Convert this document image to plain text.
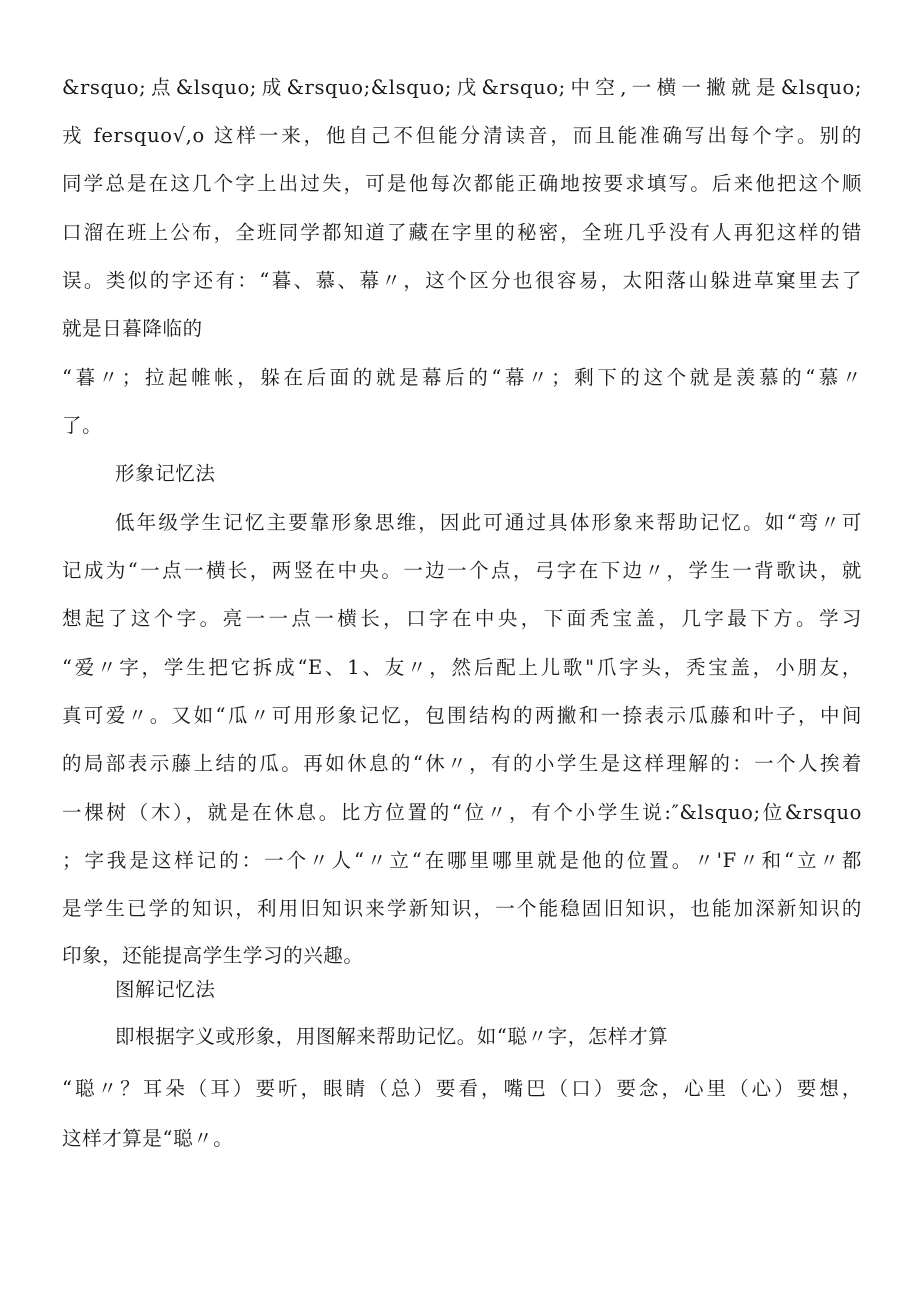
&rsquo;点&lsquo;成&rsquo;&lsquo;戊&rsquo;中空,一横一撇就是&lsquo;
戎 fersquo√,o 这样一来，他自己不但能分清读音，而且能准确写出每个字。别的
同学总是在这几个字上出过失，可是他每次都能正确地按要求填写。后来他把这个顺
口溜在班上公布，全班同学都知道了藏在字里的秘密，全班几乎没有人再犯这样的错
误。类似的字还有：“暮、慕、幕〃，这个区分也很容易，太阳落山躲进草窠里去了
就是日暮降临的
“暮〃；拉起帷帐，躲在后面的就是幕后的“幕〃；剩下的这个就是羡慕的“慕〃
了。
形象记忆法
低年级学生记忆主要靠形象思维，因此可通过具体形象来帮助记忆。如“弯〃可
记成为“一点一横长，两竖在中央。一边一个点，弓字在下边〃，学生一背歌诀，就
想起了这个字。亮一一点一横长，口字在中央，下面秃宝盖，几字最下方。学习
“爱〃字，学生把它拆成“E、1、友〃，然后配上儿歌"爪字头，秃宝盖，小朋友，
真可爱〃。又如“瓜〃可用形象记忆，包围结构的两撇和一捺表示瓜藤和叶子，中间
的局部表示藤上结的瓜。再如休息的“休〃，有的小学生是这样理解的：一个人挨着
一棵树（木），就是在休息。比方位置的“位〃，有个小学生说:″&lsquo;位&rsquo
；字我是这样记的：一个〃人“〃立“在哪里哪里就是他的位置。〃'F〃和“立〃都
是学生已学的知识，利用旧知识来学新知识，一个能稳固旧知识，也能加深新知识的
印象，还能提高学生学习的兴趣。
图解记忆法
即根据字义或形象，用图解来帮助记忆。如“聪〃字，怎样才算
“聪〃？耳朵（耳）要听，眼睛（总）要看，嘴巴（口）要念，心里（心）要想，
这样才算是“聪〃。
